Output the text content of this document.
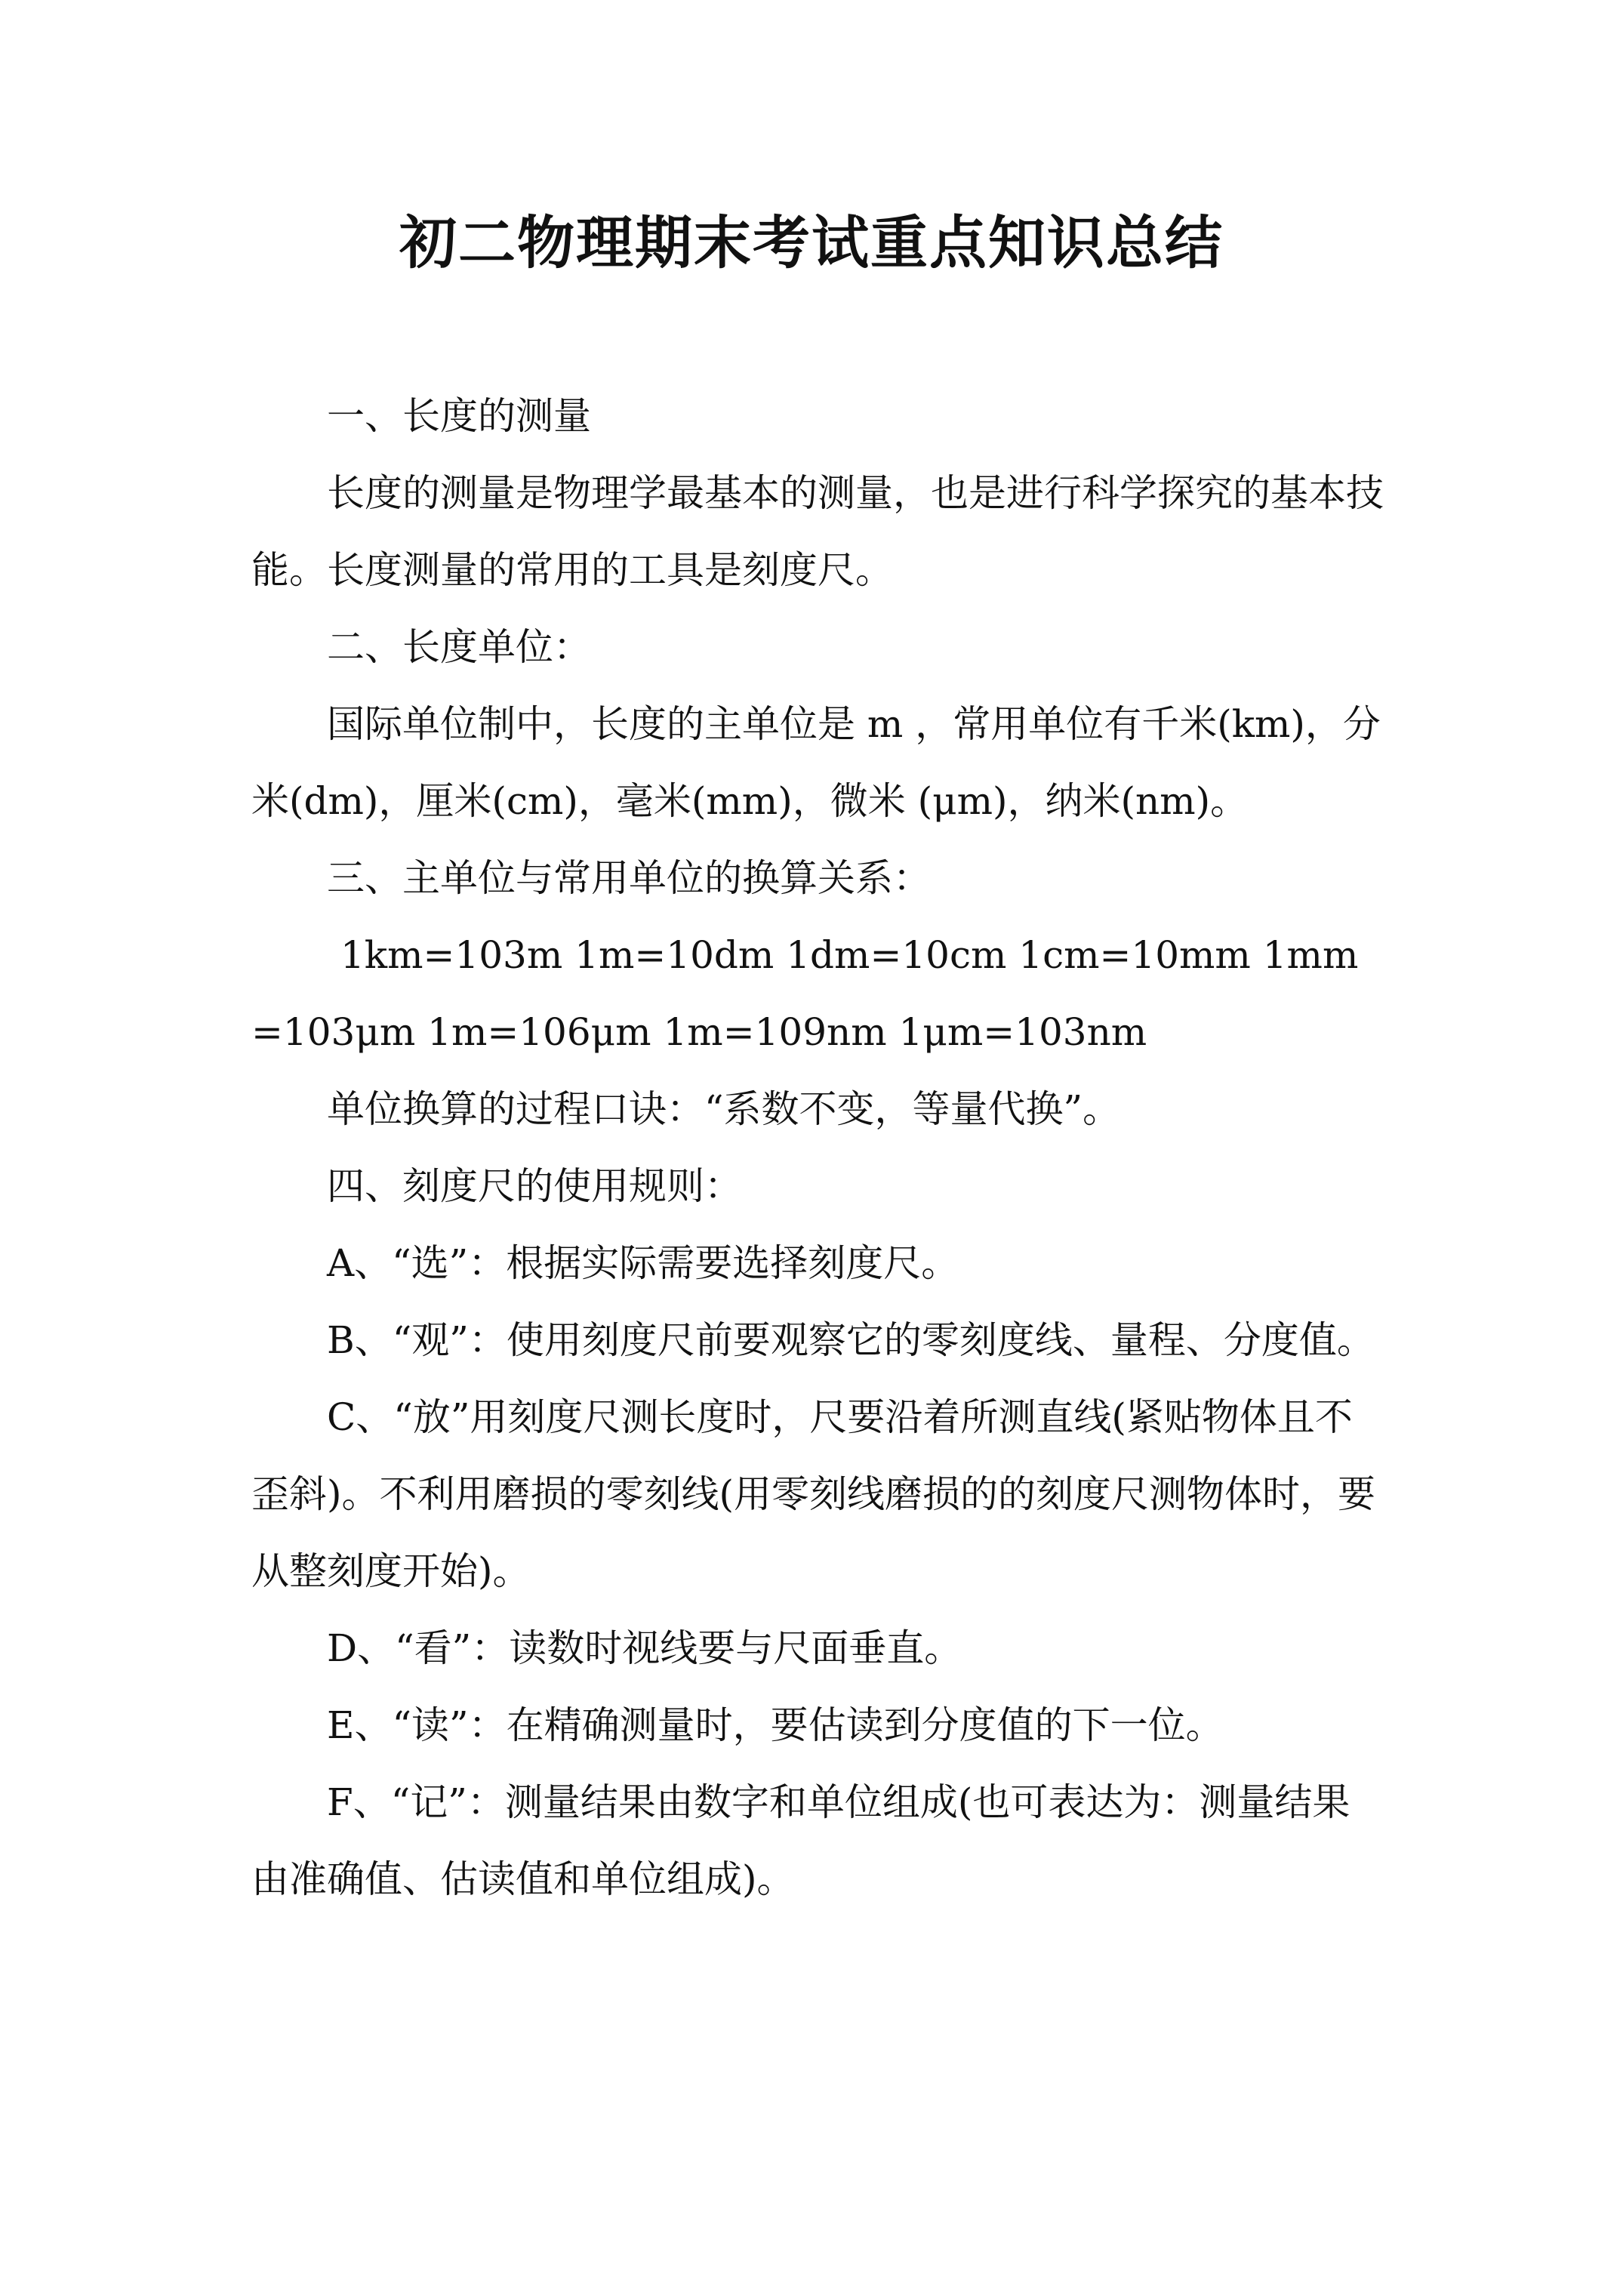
初二物理期末考试重点知识总结

一、长度的测量

长度的测量是物理学最基本的测量，也是进行科学探究的基本技能。长度测量的常用的工具是刻度尺。

二、长度单位：

国际单位制中，长度的主单位是 m ，常用单位有千米(km)，分米(dm)，厘米(cm)，毫米(mm)，微米 (μm)，纳米(nm)。

三、主单位与常用单位的换算关系：

1km=103m 1m=10dm 1dm=10cm 1cm=10mm 1mm=103μm 1m=106μm 1m=109nm 1μm=103nm

单位换算的过程口诀：“系数不变，等量代换”。

四、刻度尺的使用规则：

A、“选”：根据实际需要选择刻度尺。

B、“观”：使用刻度尺前要观察它的零刻度线、量程、分度值。

C、“放”用刻度尺测长度时，尺要沿着所测直线(紧贴物体且不歪斜)。不利用磨损的零刻线(用零刻线磨损的的刻度尺测物体时，要从整刻度开始)。

D、“看”：读数时视线要与尺面垂直。

E、“读”：在精确测量时，要估读到分度值的下一位。

F、“记”：测量结果由数字和单位组成(也可表达为：测量结果由准确值、估读值和单位组成)。
